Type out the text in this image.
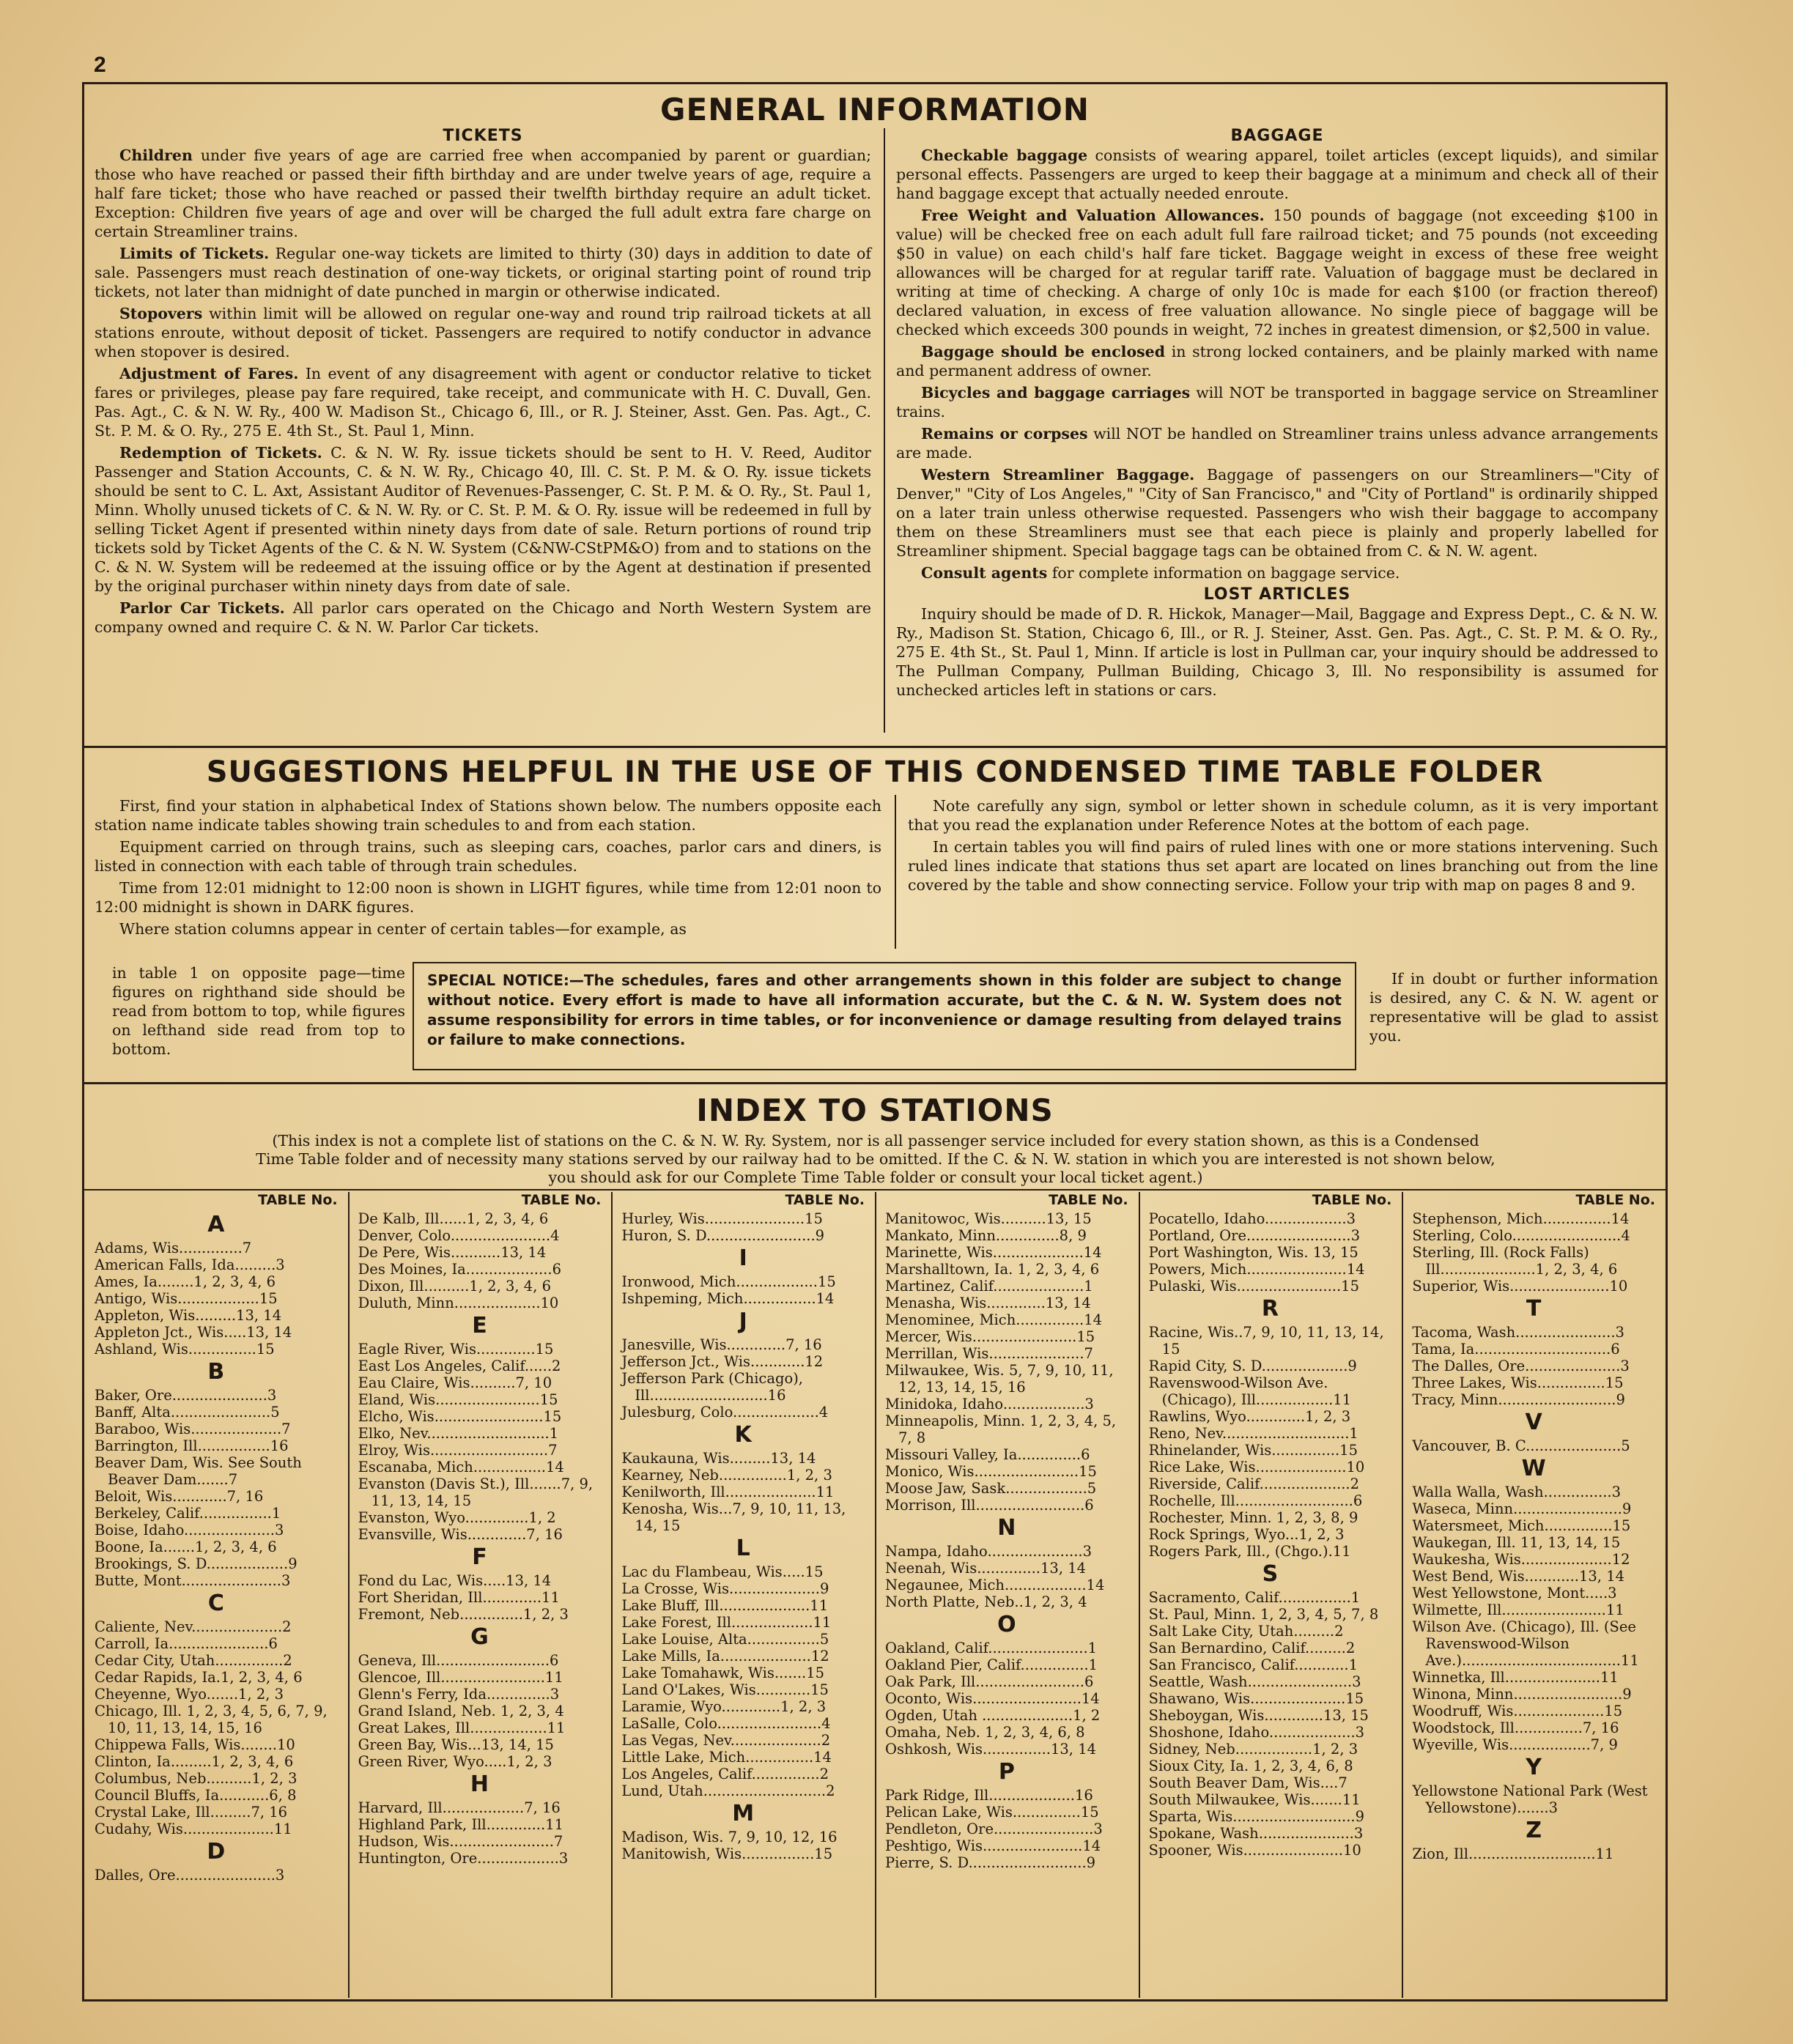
2
GENERAL INFORMATION
TICKETS

Children under five years of age are carried free when accompanied by parent or guardian; those who have reached or passed their fifth birthday and are under twelve years of age, require a half fare ticket; those who have reached or passed their twelfth birthday require an adult ticket. Exception: Children five years of age and over will be charged the full adult extra fare charge on certain Streamliner trains.

Limits of Tickets. Regular one-way tickets are limited to thirty (30) days in addition to date of sale. Passengers must reach destination of one-way tickets, or original starting point of round trip tickets, not later than midnight of date punched in margin or otherwise indicated.

Stopovers within limit will be allowed on regular one-way and round trip railroad tickets at all stations enroute, without deposit of ticket. Passengers are required to notify conductor in advance when stopover is desired.

Adjustment of Fares. In event of any disagreement with agent or conductor relative to ticket fares or privileges, please pay fare required, take receipt, and communicate with H. C. Duvall, Gen. Pas. Agt., C. & N. W. Ry., 400 W. Madison St., Chicago 6, Ill., or R. J. Steiner, Asst. Gen. Pas. Agt., C. St. P. M. & O. Ry., 275 E. 4th St., St. Paul 1, Minn.

Redemption of Tickets. C. & N. W. Ry. issue tickets should be sent to H. V. Reed, Auditor Passenger and Station Accounts, C. & N. W. Ry., Chicago 40, Ill. C. St. P. M. & O. Ry. issue tickets should be sent to C. L. Axt, Assistant Auditor of Revenues-Passenger, C. St. P. M. & O. Ry., St. Paul 1, Minn. Wholly unused tickets of C. & N. W. Ry. or C. St. P. M. & O. Ry. issue will be redeemed in full by selling Ticket Agent if presented within ninety days from date of sale. Return portions of round trip tickets sold by Ticket Agents of the C. & N. W. System (C&NW-CStPM&O) from and to stations on the C. & N. W. System will be redeemed at the issuing office or by the Agent at destination if presented by the original purchaser within ninety days from date of sale.

Parlor Car Tickets. All parlor cars operated on the Chicago and North Western System are company owned and require C. & N. W. Parlor Car tickets.

BAGGAGE

Checkable baggage consists of wearing apparel, toilet articles (except liquids), and similar personal effects. Passengers are urged to keep their baggage at a minimum and check all of their hand baggage except that actually needed enroute.

Free Weight and Valuation Allowances. 150 pounds of baggage (not exceeding $100 in value) will be checked free on each adult full fare railroad ticket; and 75 pounds (not exceeding $50 in value) on each child's half fare ticket. Baggage weight in excess of these free weight allowances will be charged for at regular tariff rate. Valuation of baggage must be declared in writing at time of checking. A charge of only 10c is made for each $100 (or fraction thereof) declared valuation, in excess of free valuation allowance. No single piece of baggage will be checked which exceeds 300 pounds in weight, 72 inches in greatest dimension, or $2,500 in value.

Baggage should be enclosed in strong locked containers, and be plainly marked with name and permanent address of owner.

Bicycles and baggage carriages will NOT be transported in baggage service on Streamliner trains.

Remains or corpses will NOT be handled on Streamliner trains unless advance arrangements are made.

Western Streamliner Baggage. Baggage of passengers on our Streamliners—"City of Denver," "City of Los Angeles," "City of San Francisco," and "City of Portland" is ordinarily shipped on a later train unless otherwise requested. Passengers who wish their baggage to accompany them on these Streamliners must see that each piece is plainly and properly labelled for Streamliner shipment. Special baggage tags can be obtained from C. & N. W. agent.

Consult agents for complete information on baggage service.

LOST ARTICLES

Inquiry should be made of D. R. Hickok, Manager—Mail, Baggage and Express Dept., C. & N. W. Ry., Madison St. Station, Chicago 6, Ill., or R. J. Steiner, Asst. Gen. Pas. Agt., C. St. P. M. & O. Ry., 275 E. 4th St., St. Paul 1, Minn. If article is lost in Pullman car, your inquiry should be addressed to The Pullman Company, Pullman Building, Chicago 3, Ill. No responsibility is assumed for unchecked articles left in stations or cars.

SUGGESTIONS HELPFUL IN THE USE OF THIS CONDENSED TIME TABLE FOLDER

First, find your station in alphabetical Index of Stations shown below. The numbers opposite each station name indicate tables showing train schedules to and from each station.

Equipment carried on through trains, such as sleeping cars, coaches, parlor cars and diners, is listed in connection with each table of through train schedules.

Time from 12:01 midnight to 12:00 noon is shown in LIGHT figures, while time from 12:01 noon to 12:00 midnight is shown in DARK figures.

Where station columns appear in center of certain tables—for example, as

Note carefully any sign, symbol or letter shown in schedule column, as it is very important that you read the explanation under Reference Notes at the bottom of each page.

In certain tables you will find pairs of ruled lines with one or more stations intervening. Such ruled lines indicate that stations thus set apart are located on lines branching out from the line covered by the table and show connecting service. Follow your trip with map on pages 8 and 9.

in table 1 on opposite page—time figures on righthand side should be read from bottom to top, while figures on lefthand side read from top to bottom.

SPECIAL NOTICE:—The schedules, fares and other arrangements shown in this folder are subject to change without notice. Every effort is made to have all information accurate, but the C. & N. W. System does not assume responsibility for errors in time tables, or for inconvenience or damage resulting from delayed trains or failure to make connections.

If in doubt or further information is desired, any C. & N. W. agent or representative will be glad to assist you.

INDEX TO STATIONS
(This index is not a complete list of stations on the C. & N. W. Ry. System, nor is all passenger service included for every station shown, as this is a Condensed Time Table folder and of necessity many stations served by our railway had to be omitted. If the C. & N. W. station in which you are interested is not shown below, you should ask for our Complete Time Table folder or consult your local ticket agent.)
TABLE No.
A
Adams, Wis..............7
American Falls, Ida.........3
Ames, Ia........1, 2, 3, 4, 6
Antigo, Wis..................15
Appleton, Wis.........13, 14
Appleton Jct., Wis.....13, 14
Ashland, Wis...............15
B
Baker, Ore.....................3
Banff, Alta......................5
Baraboo, Wis....................7
Barrington, Ill................16
Beaver Dam, Wis. See South Beaver Dam.......7
Beloit, Wis............7, 16
Berkeley, Calif................1
Boise, Idaho....................3
Boone, Ia.......1, 2, 3, 4, 6
Brookings, S. D..................9
Butte, Mont......................3
C
Caliente, Nev....................2
Carroll, Ia......................6
Cedar City, Utah...............2
Cedar Rapids, Ia.1, 2, 3, 4, 6
Cheyenne, Wyo.......1, 2, 3
Chicago, Ill. 1, 2, 3, 4, 5, 6, 7, 9, 10, 11, 13, 14, 15, 16
Chippewa Falls, Wis........10
Clinton, Ia.........1, 2, 3, 4, 6
Columbus, Neb..........1, 2, 3
Council Bluffs, Ia...........6, 8
Crystal Lake, Ill.........7, 16
Cudahy, Wis....................11
D
Dalles, Ore......................3
TABLE No.
De Kalb, Ill......1, 2, 3, 4, 6
Denver, Colo......................4
De Pere, Wis...........13, 14
Des Moines, Ia...................6
Dixon, Ill..........1, 2, 3, 4, 6
Duluth, Minn...................10
E
Eagle River, Wis.............15
East Los Angeles, Calif......2
Eau Claire, Wis..........7, 10
Eland, Wis.......................15
Elcho, Wis........................15
Elko, Nev...........................1
Elroy, Wis..........................7
Escanaba, Mich................14
Evanston (Davis St.), Ill.......7, 9, 11, 13, 14, 15
Evanston, Wyo..............1, 2
Evansville, Wis.............7, 16
F
Fond du Lac, Wis.....13, 14
Fort Sheridan, Ill.............11
Fremont, Neb..............1, 2, 3
G
Geneva, Ill.........................6
Glencoe, Ill.......................11
Glenn's Ferry, Ida..............3
Grand Island, Neb. 1, 2, 3, 4
Great Lakes, Ill.................11
Green Bay, Wis...13, 14, 15
Green River, Wyo.....1, 2, 3
H
Harvard, Ill..................7, 16
Highland Park, Ill.............11
Hudson, Wis.......................7
Huntington, Ore..................3
TABLE No.
Hurley, Wis......................15
Huron, S. D........................9
I
Ironwood, Mich..................15
Ishpeming, Mich................14
J
Janesville, Wis.............7, 16
Jefferson Jct., Wis............12
Jefferson Park (Chicago), Ill..........................16
Julesburg, Colo...................4
K
Kaukauna, Wis.........13, 14
Kearney, Neb...............1, 2, 3
Kenilworth, Ill....................11
Kenosha, Wis...7, 9, 10, 11, 13, 14, 15
L
Lac du Flambeau, Wis.....15
La Crosse, Wis....................9
Lake Bluff, Ill....................11
Lake Forest, Ill..................11
Lake Louise, Alta................5
Lake Mills, Ia....................12
Lake Tomahawk, Wis.......15
Land O'Lakes, Wis............15
Laramie, Wyo.............1, 2, 3
LaSalle, Colo.......................4
Las Vegas, Nev....................2
Little Lake, Mich...............14
Los Angeles, Calif...............2
Lund, Utah...........................2
M
Madison, Wis. 7, 9, 10, 12, 16
Manitowish, Wis................15
TABLE No.
Manitowoc, Wis..........13, 15
Mankato, Minn..............8, 9
Marinette, Wis....................14
Marshalltown, Ia. 1, 2, 3, 4, 6
Martinez, Calif....................1
Menasha, Wis.............13, 14
Menominee, Mich...............14
Mercer, Wis.......................15
Merrillan, Wis.....................7
Milwaukee, Wis. 5, 7, 9, 10, 11, 12, 13, 14, 15, 16
Minidoka, Idaho..................3
Minneapolis, Minn. 1, 2, 3, 4, 5, 7, 8
Missouri Valley, Ia..............6
Monico, Wis.......................15
Moose Jaw, Sask..................5
Morrison, Ill........................6
N
Nampa, Idaho.....................3
Neenah, Wis..............13, 14
Negaunee, Mich..................14
North Platte, Neb..1, 2, 3, 4
O
Oakland, Calif......................1
Oakland Pier, Calif...............1
Oak Park, Ill........................6
Oconto, Wis........................14
Ogden, Utah ....................1, 2
Omaha, Neb. 1, 2, 3, 4, 6, 8
Oshkosh, Wis...............13, 14
P
Park Ridge, Ill...................16
Pelican Lake, Wis...............15
Pendleton, Ore......................3
Peshtigo, Wis......................14
Pierre, S. D..........................9
TABLE No.
Pocatello, Idaho..................3
Portland, Ore.......................3
Port Washington, Wis. 13, 15
Powers, Mich......................14
Pulaski, Wis.......................15
R
Racine, Wis..7, 9, 10, 11, 13, 14, 15
Rapid City, S. D...................9
Ravenswood-Wilson Ave. (Chicago), Ill.................11
Rawlins, Wyo.............1, 2, 3
Reno, Nev............................1
Rhinelander, Wis...............15
Rice Lake, Wis....................10
Riverside, Calif....................2
Rochelle, Ill..........................6
Rochester, Minn. 1, 2, 3, 8, 9
Rock Springs, Wyo...1, 2, 3
Rogers Park, Ill., (Chgo.).11
S
Sacramento, Calif................1
St. Paul, Minn. 1, 2, 3, 4, 5, 7, 8
Salt Lake City, Utah.........2
San Bernardino, Calif.........2
San Francisco, Calif............1
Seattle, Wash.......................3
Shawano, Wis.....................15
Sheboygan, Wis.............13, 15
Shoshone, Idaho...................3
Sidney, Neb.................1, 2, 3
Sioux City, Ia. 1, 2, 3, 4, 6, 8
South Beaver Dam, Wis....7
South Milwaukee, Wis.......11
Sparta, Wis...........................9
Spokane, Wash.....................3
Spooner, Wis......................10
TABLE No.
Stephenson, Mich...............14
Sterling, Colo........................4
Sterling, Ill. (Rock Falls) Ill.....................1, 2, 3, 4, 6
Superior, Wis......................10
T
Tacoma, Wash......................3
Tama, Ia..............................6
The Dalles, Ore.....................3
Three Lakes, Wis...............15
Tracy, Minn..........................9
V
Vancouver, B. C.....................5
W
Walla Walla, Wash...............3
Waseca, Minn........................9
Watersmeet, Mich...............15
Waukegan, Ill. 11, 13, 14, 15
Waukesha, Wis....................12
West Bend, Wis............13, 14
West Yellowstone, Mont.....3
Wilmette, Ill.......................11
Wilson Ave. (Chicago), Ill. (See Ravenswood-Wilson Ave.)...................................11
Winnetka, Ill.....................11
Winona, Minn........................9
Woodruff, Wis....................15
Woodstock, Ill...............7, 16
Wyeville, Wis..................7, 9
Y
Yellowstone National Park (West Yellowstone).......3
Z
Zion, Ill............................11
